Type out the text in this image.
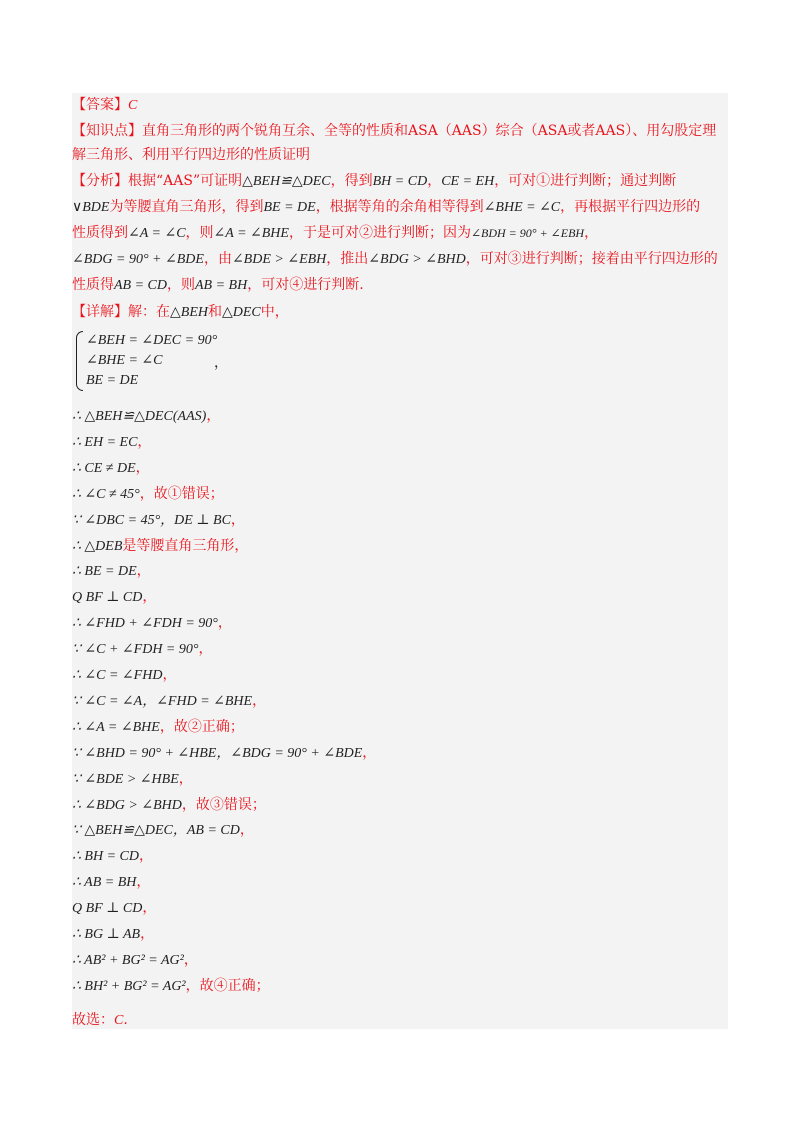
【答案】C
【知识点】直角三角形的两个锐角互余、全等的性质和ASA（AAS）综合（ASA或者AAS）、用勾股定理
解三角形、利用平行四边形的性质证明
【分析】根据“AAS”可证明△BEH≌△DEC，得到BH = CD，CE = EH，可对①进行判断；通过判断
∨BDE为等腰直角三角形，得到BE = DE，根据等角的余角相等得到∠BHE = ∠C，再根据平行四边形的
性质得到∠A = ∠C，则∠A = ∠BHE，于是可对②进行判断；因为∠BDH = 90° + ∠EBH，
∠BDG = 90° + ∠BDE，由∠BDE > ∠EBH，推出∠BDG > ∠BHD，可对③进行判断；接着由平行四边形的
性质得AB = CD，则AB = BH，可对④进行判断.
【详解】解：在△BEH和△DEC中，
∠BEH = ∠DEC = 90°
∠BHE = ∠C
BE = DE
，
∴ △BEH≌△DEC(AAS)，
∴ EH = EC，
∴ CE ≠ DE，
∴ ∠C ≠ 45°，故①错误；
∵ ∠DBC = 45°，DE ⊥ BC，
∴ △DEB是等腰直角三角形，
∴ BE = DE，
Q BF ⊥ CD，
∴ ∠FHD + ∠FDH = 90°，
∵ ∠C + ∠FDH = 90°，
∴ ∠C = ∠FHD，
∵ ∠C = ∠A，∠FHD = ∠BHE，
∴ ∠A = ∠BHE，故②正确；
∵ ∠BHD = 90° + ∠HBE，∠BDG = 90° + ∠BDE，
∵ ∠BDE > ∠HBE，
∴ ∠BDG > ∠BHD，故③错误；
∵ △BEH≌△DEC，AB = CD，
∴ BH = CD，
∴ AB = BH，
Q BF ⊥ CD，
∴ BG ⊥ AB，
∴ AB² + BG² = AG²，
∴ BH² + BG² = AG²，故④正确；
故选：C.
